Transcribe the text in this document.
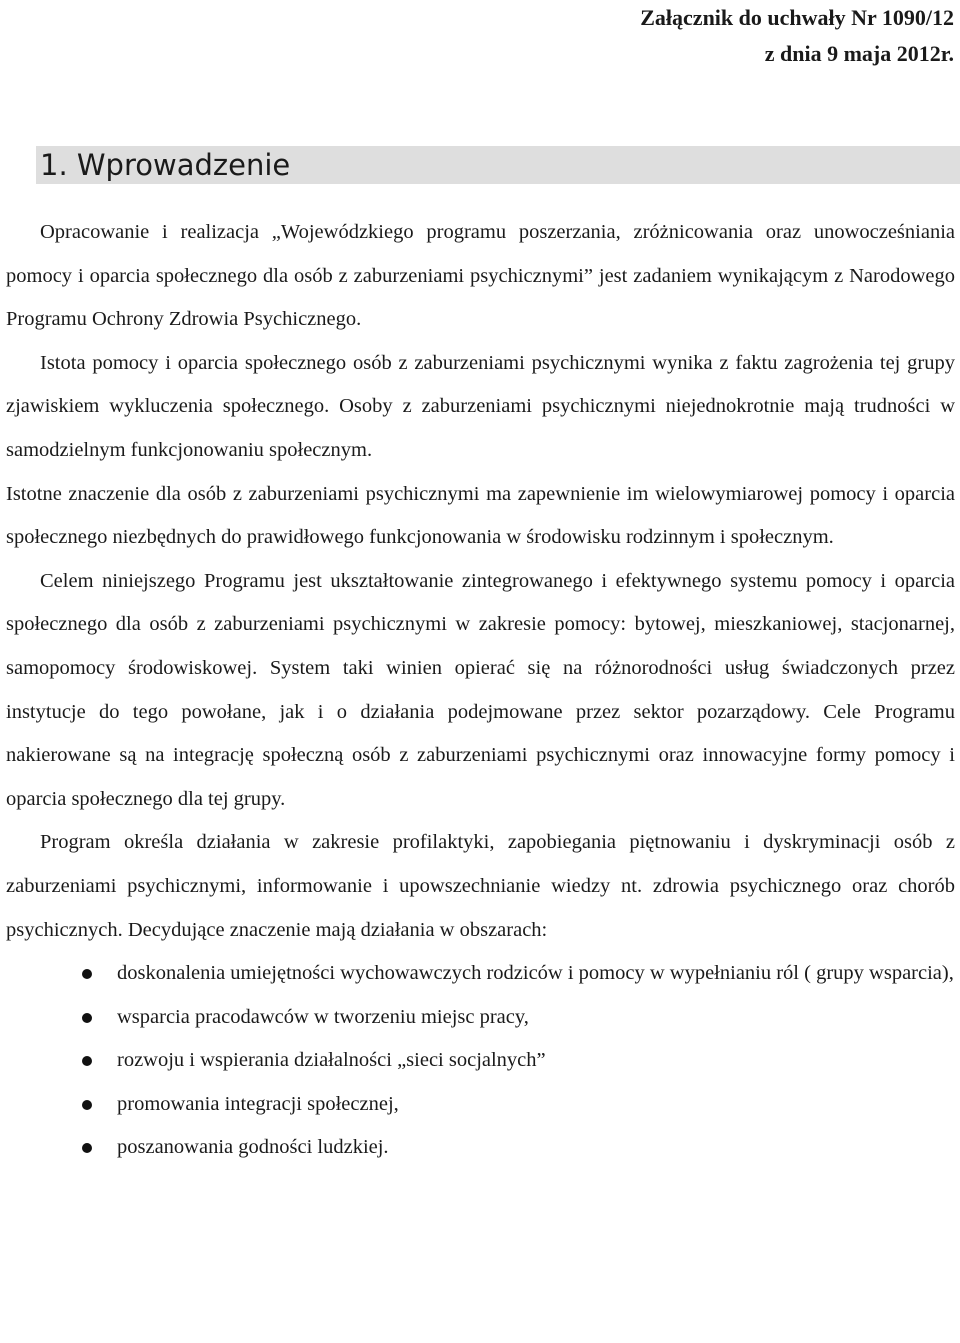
Załącznik do uchwały Nr 1090/12
z dnia 9 maja 2012r.
1. Wprowadzenie

Opracowanie i realizacja „Wojewódzkiego programu poszerzania, zróżnicowania oraz unowocześniania pomocy i oparcia społecznego dla osób z zaburzeniami psychicznymi” jest zadaniem wynikającym z Narodowego Programu Ochrony Zdrowia Psychicznego.

Istota pomocy i oparcia społecznego osób z zaburzeniami psychicznymi wynika z faktu zagrożenia tej grupy zjawiskiem wykluczenia społecznego. Osoby z zaburzeniami psychicznymi niejednokrotnie mają trudności w samodzielnym funkcjonowaniu społecznym.

Istotne znaczenie dla osób z zaburzeniami psychicznymi ma zapewnienie im wielowymiarowej pomocy i oparcia społecznego niezbędnych do prawidłowego funkcjonowania w środowisku rodzinnym i społecznym.

Celem niniejszego Programu jest ukształtowanie zintegrowanego i efektywnego systemu pomocy i oparcia społecznego dla osób z zaburzeniami psychicznymi w zakresie pomocy: bytowej, mieszkaniowej, stacjonarnej, samopomocy środowiskowej. System taki winien opierać się na różnorodności usług świadczonych przez instytucje do tego powołane, jak i o działania podejmowane przez sektor pozarządowy. Cele Programu nakierowane są na integrację społeczną osób z zaburzeniami psychicznymi oraz innowacyjne formy pomocy i oparcia społecznego dla tej grupy.

Program określa działania w zakresie profilaktyki, zapobiegania piętnowaniu i dyskryminacji osób z zaburzeniami psychicznymi, informowanie i upowszechnianie wiedzy nt. zdrowia psychicznego oraz chorób psychicznych. Decydujące znaczenie mają działania w obszarach:

doskonalenia umiejętności wychowawczych rodziców i pomocy w wypełnianiu ról ( grupy wsparcia),
wsparcia pracodawców w tworzeniu miejsc pracy,
rozwoju i wspierania działalności „sieci socjalnych”
promowania integracji społecznej,
poszanowania godności ludzkiej.
